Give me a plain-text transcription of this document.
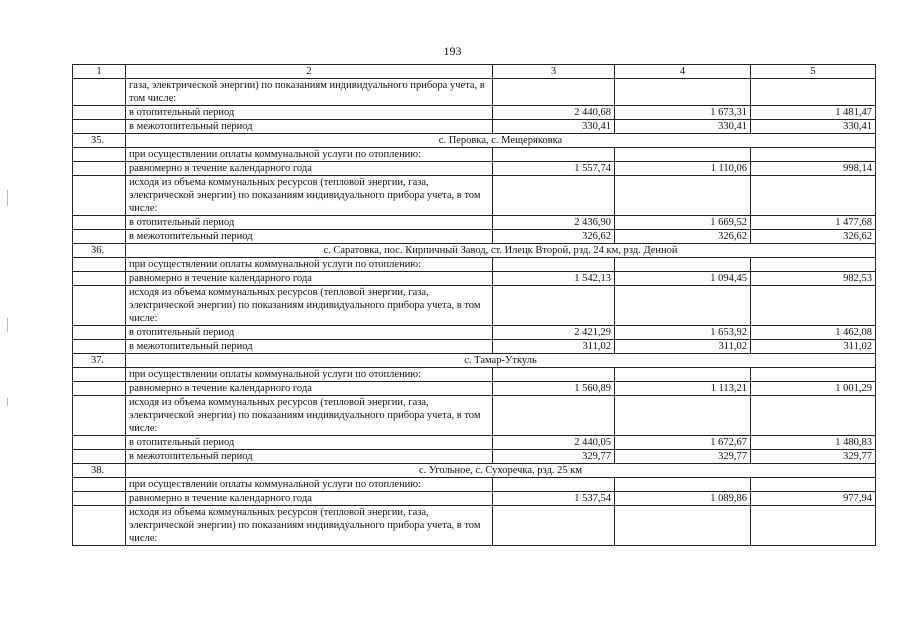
193
1	2	3	4	5
	газа, электрической энергии) по показаниям индивидуального прибора учета, в том числе:			
	в отопительный период	2 440,68	1 673,31	1 481,47
	в межотопительный период	330,41	330,41	330,41
35.	с. Перовка, с. Мещеряковка			
	при осуществлении оплаты коммунальной услуги по отоплению:			
	равномерно в течение календарного года	1 557,74	1 110,06	998,14
	исходя из объема коммунальных ресурсов (тепловой энергии, газа, электрической энергии) по показаниям индивидуального прибора учета, в том числе:			
	в отопительный период	2 436,90	1 669,52	1 477,68
	в межотопительный период	326,62	326,62	326,62
36.	с. Саратовка, пос. Кирпичный Завод, ст. Илецк Второй, рзд. 24 км, рзд. Денной			
	при осуществлении оплаты коммунальной услуги по отоплению:			
	равномерно в течение календарного года	1 542,13	1 094,45	982,53
	исходя из объема коммунальных ресурсов (тепловой энергии, газа, электрической энергии) по показаниям индивидуального прибора учета, в том числе:			
	в отопительный период	2 421,29	1 653,92	1 462,08
	в межотопительный период	311,02	311,02	311,02
37.	с. Тамар-Уткуль			
	при осуществлении оплаты коммунальной услуги по отоплению:			
	равномерно в течение календарного года	1 560,89	1 113,21	1 001,29
	исходя из объема коммунальных ресурсов (тепловой энергии, газа, электрической энергии) по показаниям индивидуального прибора учета, в том числе:			
	в отопительный период	2 440,05	1 672,67	1 480,83
	в межотопительный период	329,77	329,77	329,77
38.	с. Угольное, с. Сухоречка, рзд. 25 км			
	при осуществлении оплаты коммунальной услуги по отоплению:			
	равномерно в течение календарного года	1 537,54	1 089,86	977,94
	исходя из объема коммунальных ресурсов (тепловой энергии, газа, электрической энергии) по показаниям индивидуального прибора учета, в том числе:			
